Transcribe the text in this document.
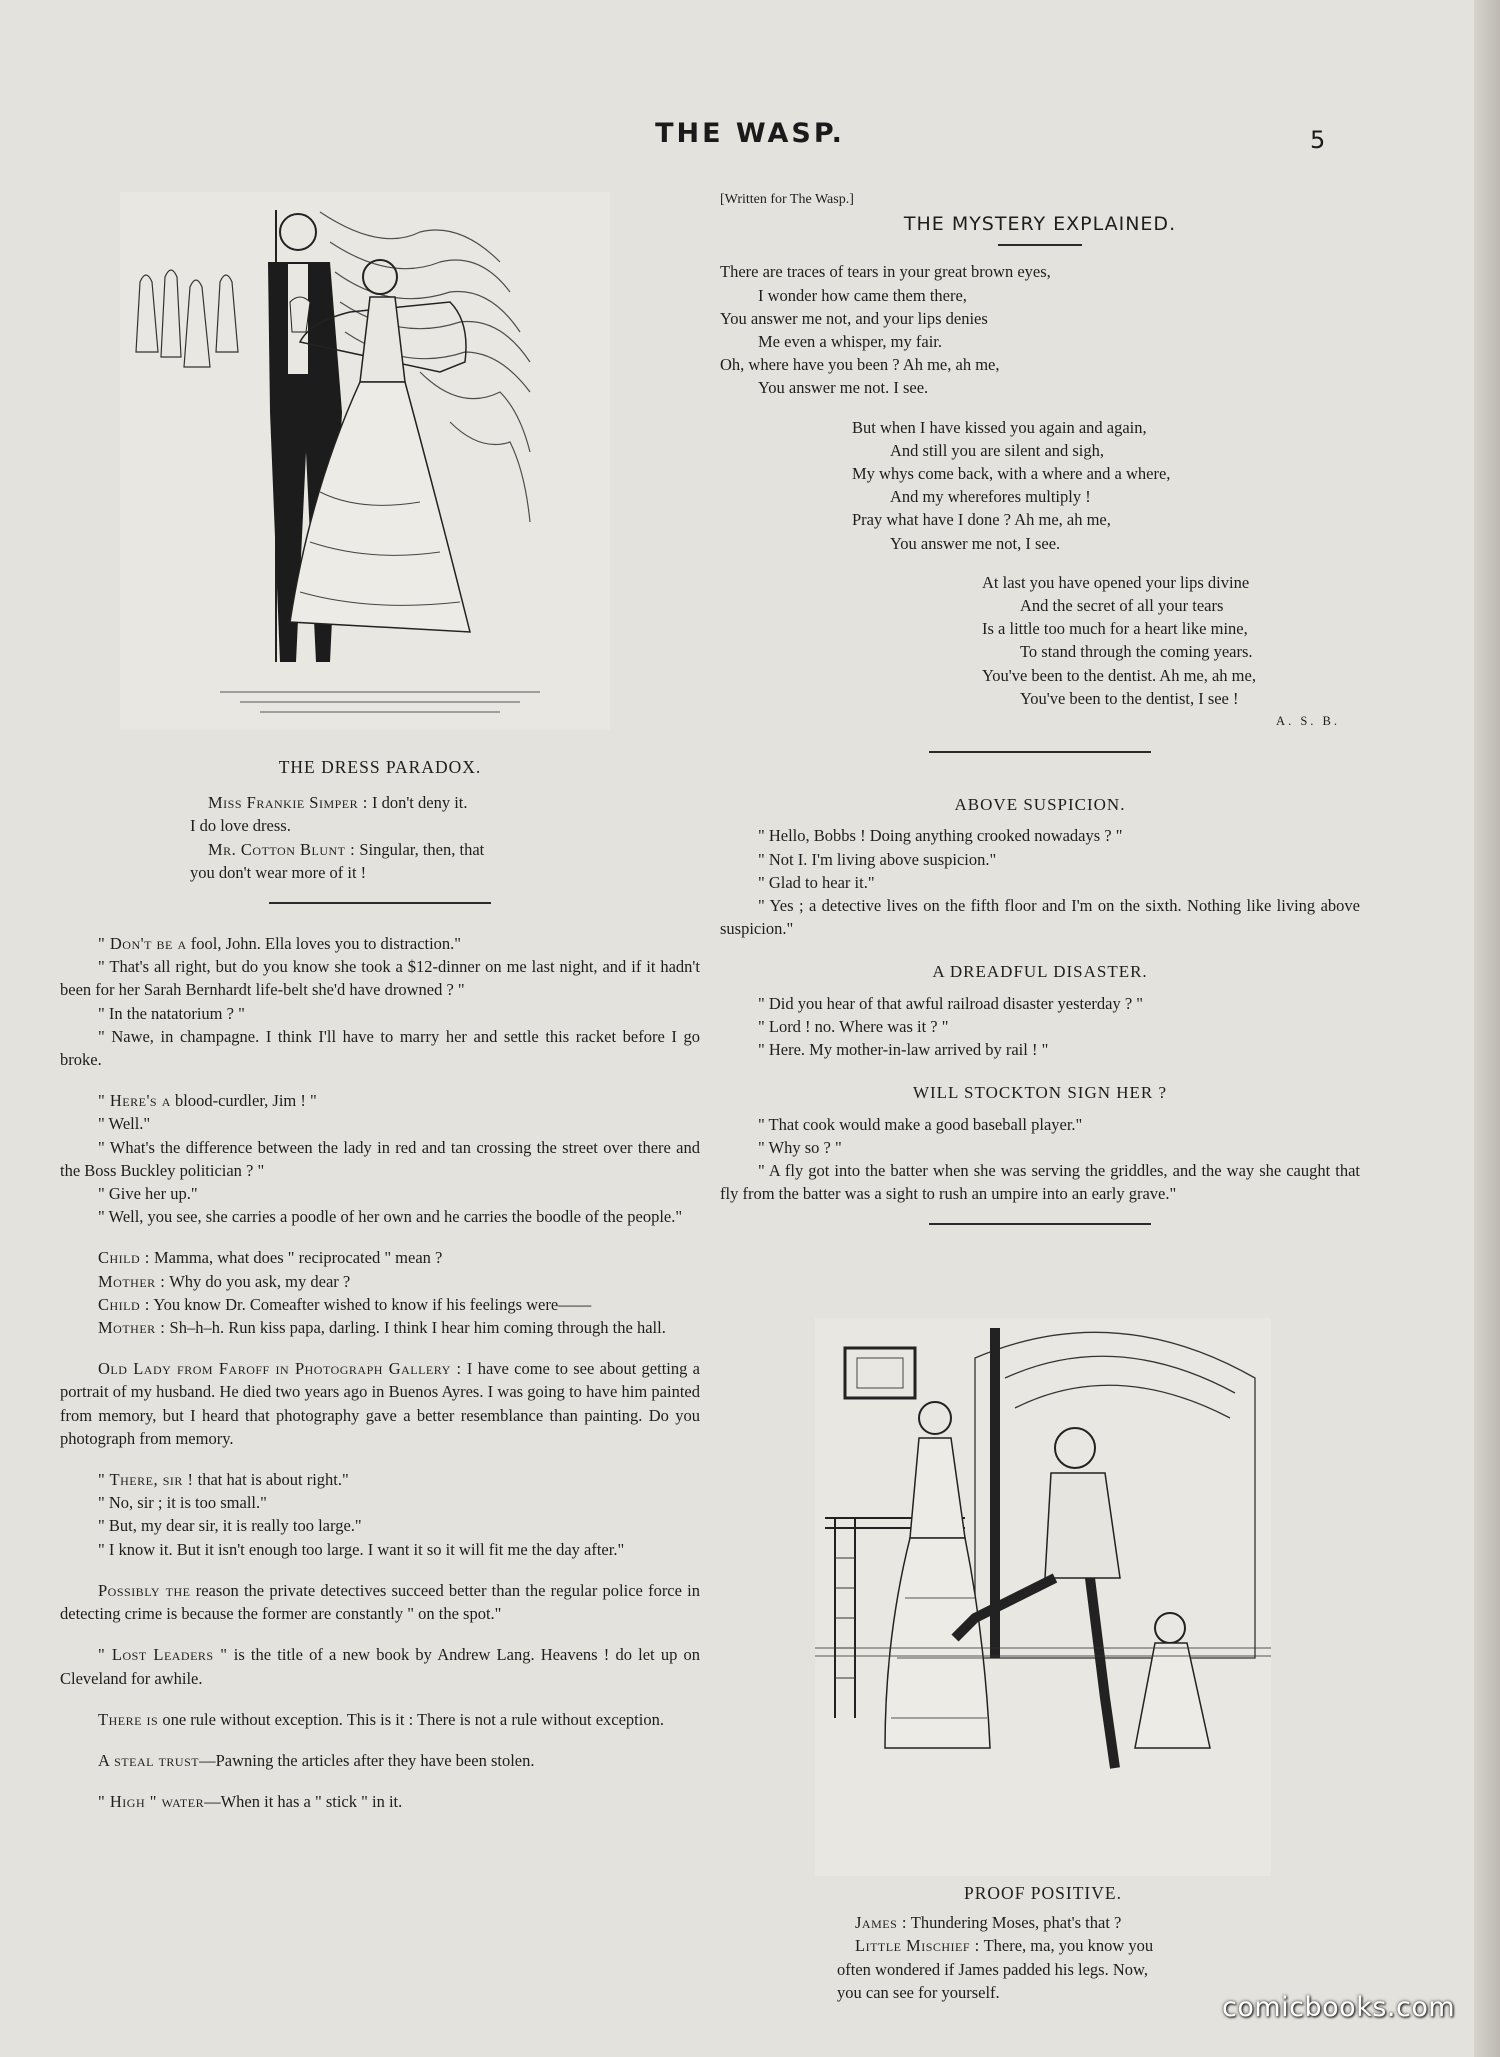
THE WASP.	5

THE DRESS PARADOX.

Miss Frankie Simper : I don't deny it.

I do love dress.

Mr. Cotton Blunt : Singular, then, that

you don't wear more of it !

" Don't be a fool, John. Ella loves you to distraction."

" That's all right, but do you know she took a $12-dinner on me last night, and if it hadn't been for her Sarah Bernhardt life-belt she'd have drowned ? "

" In the natatorium ? "

" Nawe, in champagne. I think I'll have to marry her and settle this racket before I go broke.

" Here's a blood-curdler, Jim ! "

" Well."

" What's the difference between the lady in red and tan crossing the street over there and the Boss Buckley politician ? "

" Give her up."

" Well, you see, she carries a poodle of her own and he carries the boodle of the people."

Child : Mamma, what does " reciprocated " mean ?

Mother : Why do you ask, my dear ?

Child : You know Dr. Comeafter wished to know if his feelings were——

Mother : Sh–h–h. Run kiss papa, darling. I think I hear him coming through the hall.

Old Lady from Faroff in Photograph Gallery : I have come to see about getting a portrait of my husband. He died two years ago in Buenos Ayres. I was going to have him painted from memory, but I heard that photography gave a better resemblance than painting. Do you photograph from memory.

" There, sir ! that hat is about right."

" No, sir ; it is too small."

" But, my dear sir, it is really too large."

" I know it. But it isn't enough too large. I want it so it will fit me the day after."

Possibly the reason the private detectives succeed better than the regular police force in detecting crime is because the former are constantly " on the spot."

" Lost Leaders " is the title of a new book by Andrew Lang. Heavens ! do let up on Cleveland for awhile.

There is one rule without exception. This is it : There is not a rule without exception.

A steal trust—Pawning the articles after they have been stolen.

" High " water—When it has a " stick " in it.

[Written for The Wasp.]

THE MYSTERY EXPLAINED.

There are traces of tears in your great brown eyes,

I wonder how came them there,

You answer me not, and your lips denies

Me even a whisper, my fair.

Oh, where have you been ? Ah me, ah me,

You answer me not. I see.

But when I have kissed you again and again,

And still you are silent and sigh,

My whys come back, with a where and a where,

And my wherefores multiply !

Pray what have I done ? Ah me, ah me,

You answer me not, I see.

At last you have opened your lips divine

And the secret of all your tears

Is a little too much for a heart like mine,

To stand through the coming years.

You've been to the dentist. Ah me, ah me,

You've been to the dentist, I see !

A. S. B.

ABOVE SUSPICION.

" Hello, Bobbs ! Doing anything crooked nowadays ? "

" Not I. I'm living above suspicion."

" Glad to hear it."

" Yes ; a detective lives on the fifth floor and I'm on the sixth. Nothing like living above suspicion."

A DREADFUL DISASTER.

" Did you hear of that awful railroad disaster yesterday ? "

" Lord ! no. Where was it ? "

" Here. My mother-in-law arrived by rail ! "

WILL STOCKTON SIGN HER ?

" That cook would make a good baseball player."

" Why so ? "

" A fly got into the batter when she was serving the griddles, and the way she caught that fly from the batter was a sight to rush an umpire into an early grave."

PROOF POSITIVE.

James : Thundering Moses, phat's that ?

Little Mischief : There, ma, you know you

often wondered if James padded his legs. Now,

you can see for yourself.	comicbooks.com
